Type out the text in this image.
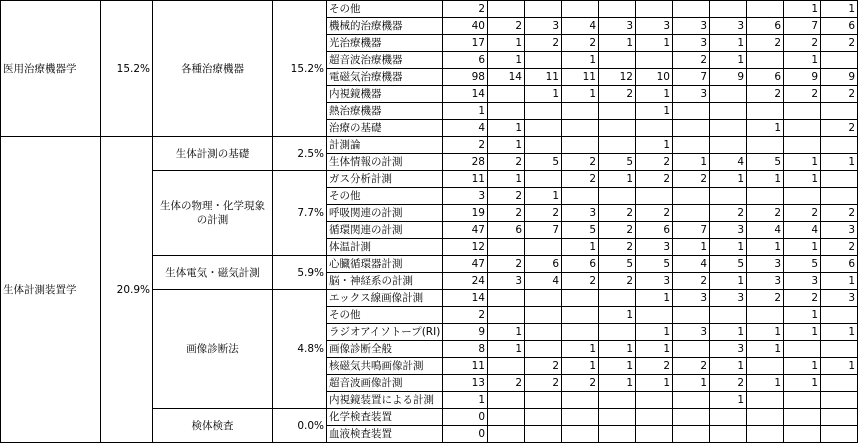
医用治療機器学	15.2%	各種治療機器	15.2%	その他	2									1	1
				機械的治療機器	40	2	3	4	3	3	3	3	6	7	6
				光治療機器	17	1	2	2	1	1	3	1	2	2	2
				超音波治療機器	6	1		1			2	1		1	
				電磁気治療機器	98	14	11	11	12	10	7	9	6	9	9
				内視鏡機器	14		1	1	2	1	3		2	2	2
				熱治療機器	1					1					
				治療の基礎	4	1							1		2
生体計測装置学	20.9%	生体計測の基礎	2.5%	計測論	2	1				1					
				生体情報の計測	28	2	5	2	5	2	1	4	5	1	1
		生体の物理・化学現象の計測	7.7%	ガス分析計測	11	1		2	1	2	2	1	1	1	
				その他	3	2	1								
				呼吸関連の計測	19	2	2	3	2	2		2	2	2	2
				循環関連の計測	47	6	7	5	2	6	7	3	4	4	3
				体温計測	12			1	2	3	1	1	1	1	2
		生体電気・磁気計測	5.9%	心臓循環器計測	47	2	6	6	5	5	4	5	3	5	6
				脳・神経系の計測	24	3	4	2	2	3	2	1	3	3	1
		画像診断法	4.8%	エックス線画像計測	14					1	3	3	2	2	3
				その他	2				1					1	
				ラジオアイソトープ(RI)	9	1				1	3	1	1	1	1
				画像診断全般	8	1		1	1	1		3	1		
				核磁気共鳴画像計測	11		2	1	1	2	2	1		1	1
				超音波画像計測	13	2	2	2	1	1	1	2	1	1	
				内視鏡装置による計測	1							1			
		検体検査	0.0%	化学検査装置	0										
				血液検査装置	0										
